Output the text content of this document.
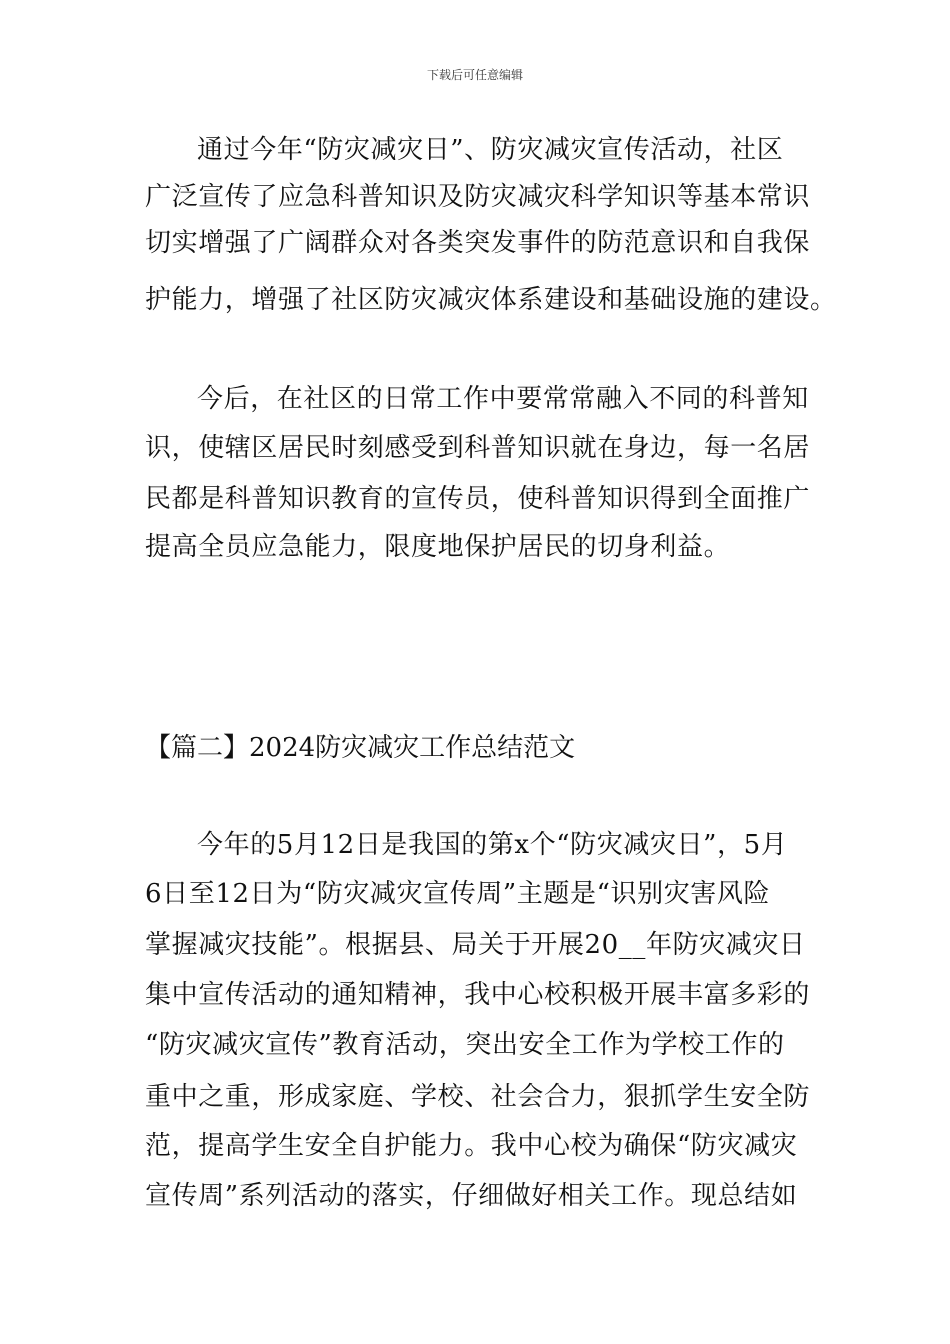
下载后可任意编辑
通过今年“防灾减灾日”、防灾减灾宣传活动，社区
广泛宣传了应急科普知识及防灾减灾科学知识等基本常识
切实增强了广阔群众对各类突发事件的防范意识和自我保
护能力，增强了社区防灾减灾体系建设和基础设施的建设。
今后，在社区的日常工作中要常常融入不同的科普知
识，使辖区居民时刻感受到科普知识就在身边，每一名居
民都是科普知识教育的宣传员，使科普知识得到全面推广
提高全员应急能力，限度地保护居民的切身利益。
【篇二】2024防灾减灾工作总结范文
今年的5月12日是我国的第x个“防灾减灾日”，5月
6日至12日为“防灾减灾宣传周”主题是“识别灾害风险
掌握减灾技能”。根据县、局关于开展20__年防灾减灾日
集中宣传活动的通知精神，我中心校积极开展丰富多彩的
“防灾减灾宣传”教育活动，突出安全工作为学校工作的
重中之重，形成家庭、学校、社会合力，狠抓学生安全防
范，提高学生安全自护能力。我中心校为确保“防灾减灾
宣传周”系列活动的落实，仔细做好相关工作。现总结如
